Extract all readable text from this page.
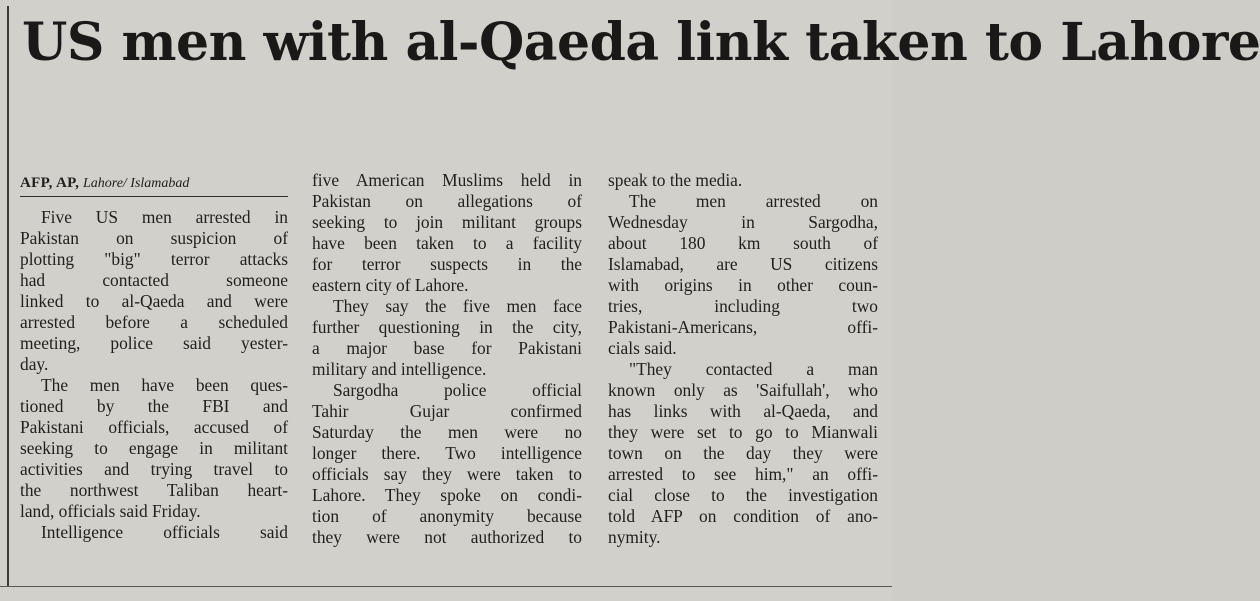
US men with al-Qaeda link taken to Lahore
AFP, AP, Lahore/ Islamabad
Five US men arrested in
Pakistan on suspicion of
plotting "big" terror attacks
had contacted someone
linked to al-Qaeda and were
arrested before a scheduled
meeting, police said yester-
day.
The men have been ques-
tioned by the FBI and
Pakistani officials, accused of
seeking to engage in militant
activities and trying travel to
the northwest Taliban heart-
land, officials said Friday.
Intelligence officials said
five American Muslims held in
Pakistan on allegations of
seeking to join militant groups
have been taken to a facility
for terror suspects in the
eastern city of Lahore.
They say the five men face
further questioning in the city,
a major base for Pakistani
military and intelligence.
Sargodha police official
Tahir Gujar confirmed
Saturday the men were no
longer there. Two intelligence
officials say they were taken to
Lahore. They spoke on condi-
tion of anonymity because
they were not authorized to
speak to the media.
The men arrested on
Wednesday in Sargodha,
about 180 km south of
Islamabad, are US citizens
with origins in other coun-
tries, including two
Pakistani-Americans, offi-
cials said.
"They contacted a man
known only as 'Saifullah', who
has links with al-Qaeda, and
they were set to go to Mianwali
town on the day they were
arrested to see him," an offi-
cial close to the investigation
told AFP on condition of ano-
nymity.
